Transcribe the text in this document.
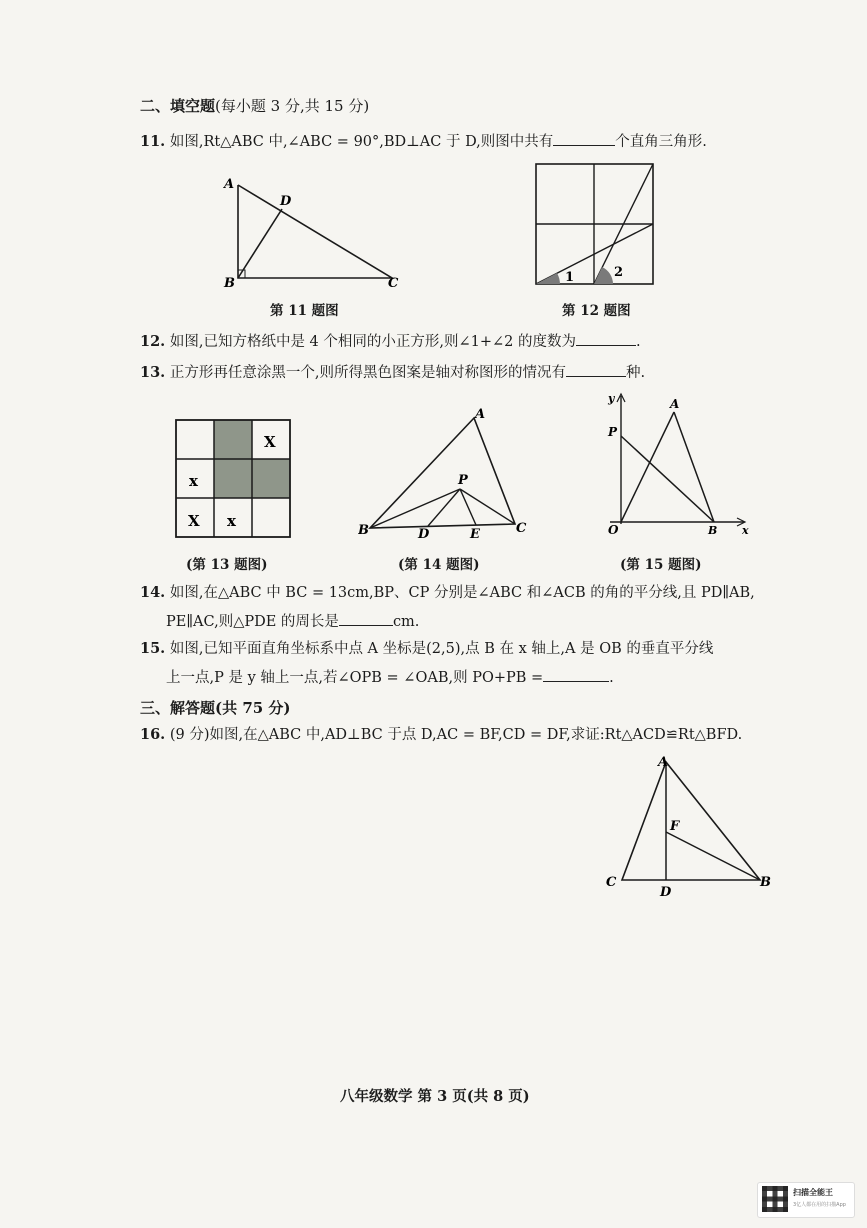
二、填空题(每小题 3 分,共 15 分)
11. 如图,Rt△ABC 中,∠ABC = 90°,BD⊥AC 于 D,则图中共有	个直角三角形.
A
D
B	C
第 11 题图
1	2
第 12 题图
12. 如图,已知方格纸中是 4 个相同的小正方形,则∠1+∠2 的度数为	.
13. 正方形再任意涂黑一个,则所得黑色图案是轴对称图形的情况有	种.
X
x
X x
(第 13 题图)
A
P
B	D	E	C
(第 14 题图)
y
P
A
O	B x
(第 15 题图)
14. 如图,在△ABC 中 BC = 13cm,BP、CP 分别是∠ABC 和∠ACB 的角的平分线,且 PD∥AB,
PE∥AC,则△PDE 的周长是	cm.
15. 如图,已知平面直角坐标系中点 A 坐标是(2,5),点 B 在 x 轴上,A 是 OB 的垂直平分线
上一点,P 是 y 轴上一点,若∠OPB = ∠OAB,则 PO+PB =	.
三、解答题(共 75 分)
16. (9 分)如图,在△ABC 中,AD⊥BC 于点 D,AC = BF,CD = DF,求证:Rt△ACD≌Rt△BFD.
A
F
C
D
B
八年级数学 第 3 页(共 8 页)
扫描全能王
3亿人都在用的扫描App
